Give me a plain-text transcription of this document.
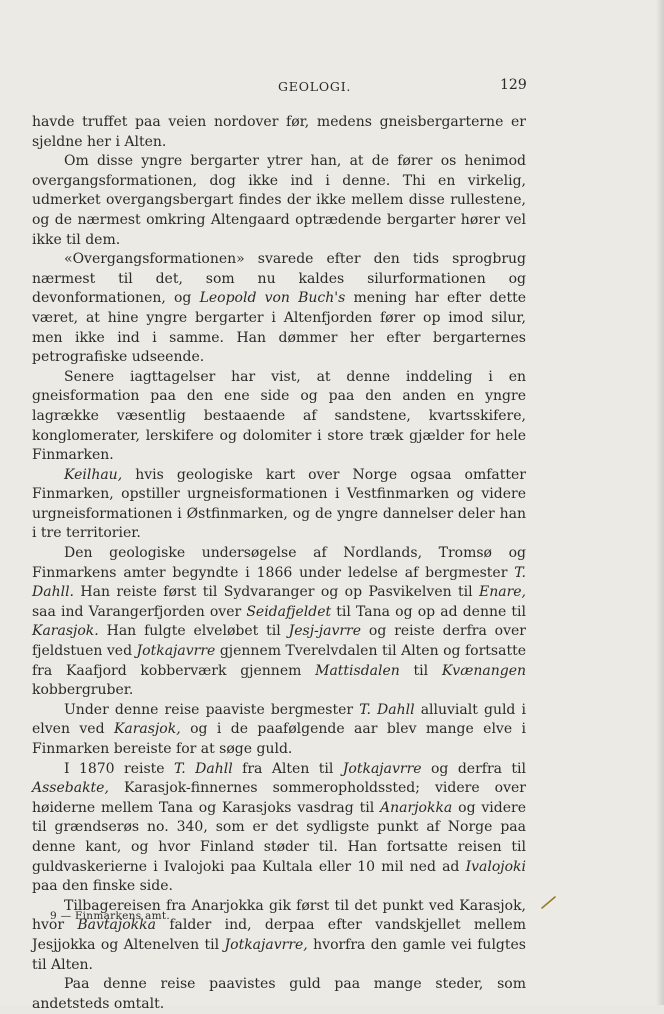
GEOLOGI.	129

havde truffet paa veien nordover før, medens gneisbergarterne er sjeldne her i Alten.

Om disse yngre bergarter ytrer han, at de fører os henimod overgangsformationen, dog ikke ind i denne. Thi en virkelig, udmerket overgangsbergart findes der ikke mellem disse rullestene, og de nærmest omkring Altengaard optrædende bergarter hører vel ikke til dem.

«Overgangsformationen» svarede efter den tids sprogbrug nærmest til det, som nu kaldes silurformationen og devonformationen, og Leopold von Buch's mening har efter dette været, at hine yngre bergarter i Altenfjorden fører op imod silur, men ikke ind i samme. Han dømmer her efter bergarternes petrografiske udseende.

Senere iagttagelser har vist, at denne inddeling i en gneisformation paa den ene side og paa den anden en yngre lagrække væsentlig bestaaende af sandstene, kvartsskifere, konglomerater, lerskifere og dolomiter i store træk gjælder for hele Finmarken.

Keilhau, hvis geologiske kart over Norge ogsaa omfatter Finmarken, opstiller urgneisformationen i Vestfinmarken og videre urgneisformationen i Østfinmarken, og de yngre dannelser deler han i tre territorier.

Den geologiske undersøgelse af Nordlands, Tromsø og Finmarkens amter begyndte i 1866 under ledelse af bergmester T. Dahll. Han reiste først til Sydvaranger og op Pasvikelven til Enare, saa ind Varangerfjorden over Seidafjeldet til Tana og op ad denne til Karasjok. Han fulgte elveløbet til Jesj-javrre og reiste derfra over fjeldstuen ved Jotkajavrre gjennem Tverelvdalen til Alten og fortsatte fra Kaafjord kobberværk gjennem Mattisdalen til Kvænangen kobbergruber.

Under denne reise paaviste bergmester T. Dahll alluvialt guld i elven ved Karasjok, og i de paafølgende aar blev mange elve i Finmarken bereiste for at søge guld.

I 1870 reiste T. Dahll fra Alten til Jotkajavrre og derfra til Assebakte, Karasjok-finnernes sommeropholdssted; videre over høiderne mellem Tana og Karasjoks vasdrag til Anarjokka og videre til grændserøs no. 340, som er det sydligste punkt af Norge paa denne kant, og hvor Finland støder til. Han fortsatte reisen til guldvaskerierne i Ivalojoki paa Kultala eller 10 mil ned ad Ivalojoki paa den finske side.

Tilbagereisen fra Anarjokka gik først til det punkt ved Karasjok, hvor Bavtajokka falder ind, derpaa efter vandskjellet mellem Jesjjokka og Altenelven til Jotkajavrre, hvorfra den gamle vei fulgtes til Alten.

Paa denne reise paavistes guld paa mange steder, som andetsteds omtalt.

9 — Finmarkens amt.
